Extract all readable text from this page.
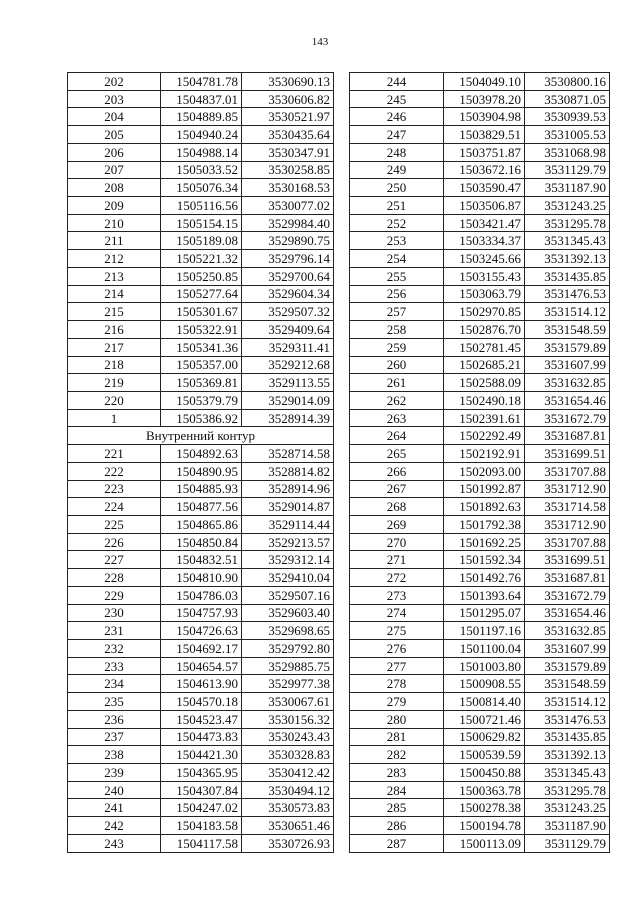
143
202	1504781.78	3530690.13
203	1504837.01	3530606.82
204	1504889.85	3530521.97
205	1504940.24	3530435.64
206	1504988.14	3530347.91
207	1505033.52	3530258.85
208	1505076.34	3530168.53
209	1505116.56	3530077.02
210	1505154.15	3529984.40
211	1505189.08	3529890.75
212	1505221.32	3529796.14
213	1505250.85	3529700.64
214	1505277.64	3529604.34
215	1505301.67	3529507.32
216	1505322.91	3529409.64
217	1505341.36	3529311.41
218	1505357.00	3529212.68
219	1505369.81	3529113.55
220	1505379.79	3529014.09
1	1505386.92	3528914.39
Внутренний контур		
221	1504892.63	3528714.58
222	1504890.95	3528814.82
223	1504885.93	3528914.96
224	1504877.56	3529014.87
225	1504865.86	3529114.44
226	1504850.84	3529213.57
227	1504832.51	3529312.14
228	1504810.90	3529410.04
229	1504786.03	3529507.16
230	1504757.93	3529603.40
231	1504726.63	3529698.65
232	1504692.17	3529792.80
233	1504654.57	3529885.75
234	1504613.90	3529977.38
235	1504570.18	3530067.61
236	1504523.47	3530156.32
237	1504473.83	3530243.43
238	1504421.30	3530328.83
239	1504365.95	3530412.42
240	1504307.84	3530494.12
241	1504247.02	3530573.83
242	1504183.58	3530651.46
243	1504117.58	3530726.93
244	1504049.10	3530800.16
245	1503978.20	3530871.05
246	1503904.98	3530939.53
247	1503829.51	3531005.53
248	1503751.87	3531068.98
249	1503672.16	3531129.79
250	1503590.47	3531187.90
251	1503506.87	3531243.25
252	1503421.47	3531295.78
253	1503334.37	3531345.43
254	1503245.66	3531392.13
255	1503155.43	3531435.85
256	1503063.79	3531476.53
257	1502970.85	3531514.12
258	1502876.70	3531548.59
259	1502781.45	3531579.89
260	1502685.21	3531607.99
261	1502588.09	3531632.85
262	1502490.18	3531654.46
263	1502391.61	3531672.79
264	1502292.49	3531687.81
265	1502192.91	3531699.51
266	1502093.00	3531707.88
267	1501992.87	3531712.90
268	1501892.63	3531714.58
269	1501792.38	3531712.90
270	1501692.25	3531707.88
271	1501592.34	3531699.51
272	1501492.76	3531687.81
273	1501393.64	3531672.79
274	1501295.07	3531654.46
275	1501197.16	3531632.85
276	1501100.04	3531607.99
277	1501003.80	3531579.89
278	1500908.55	3531548.59
279	1500814.40	3531514.12
280	1500721.46	3531476.53
281	1500629.82	3531435.85
282	1500539.59	3531392.13
283	1500450.88	3531345.43
284	1500363.78	3531295.78
285	1500278.38	3531243.25
286	1500194.78	3531187.90
287	1500113.09	3531129.79
